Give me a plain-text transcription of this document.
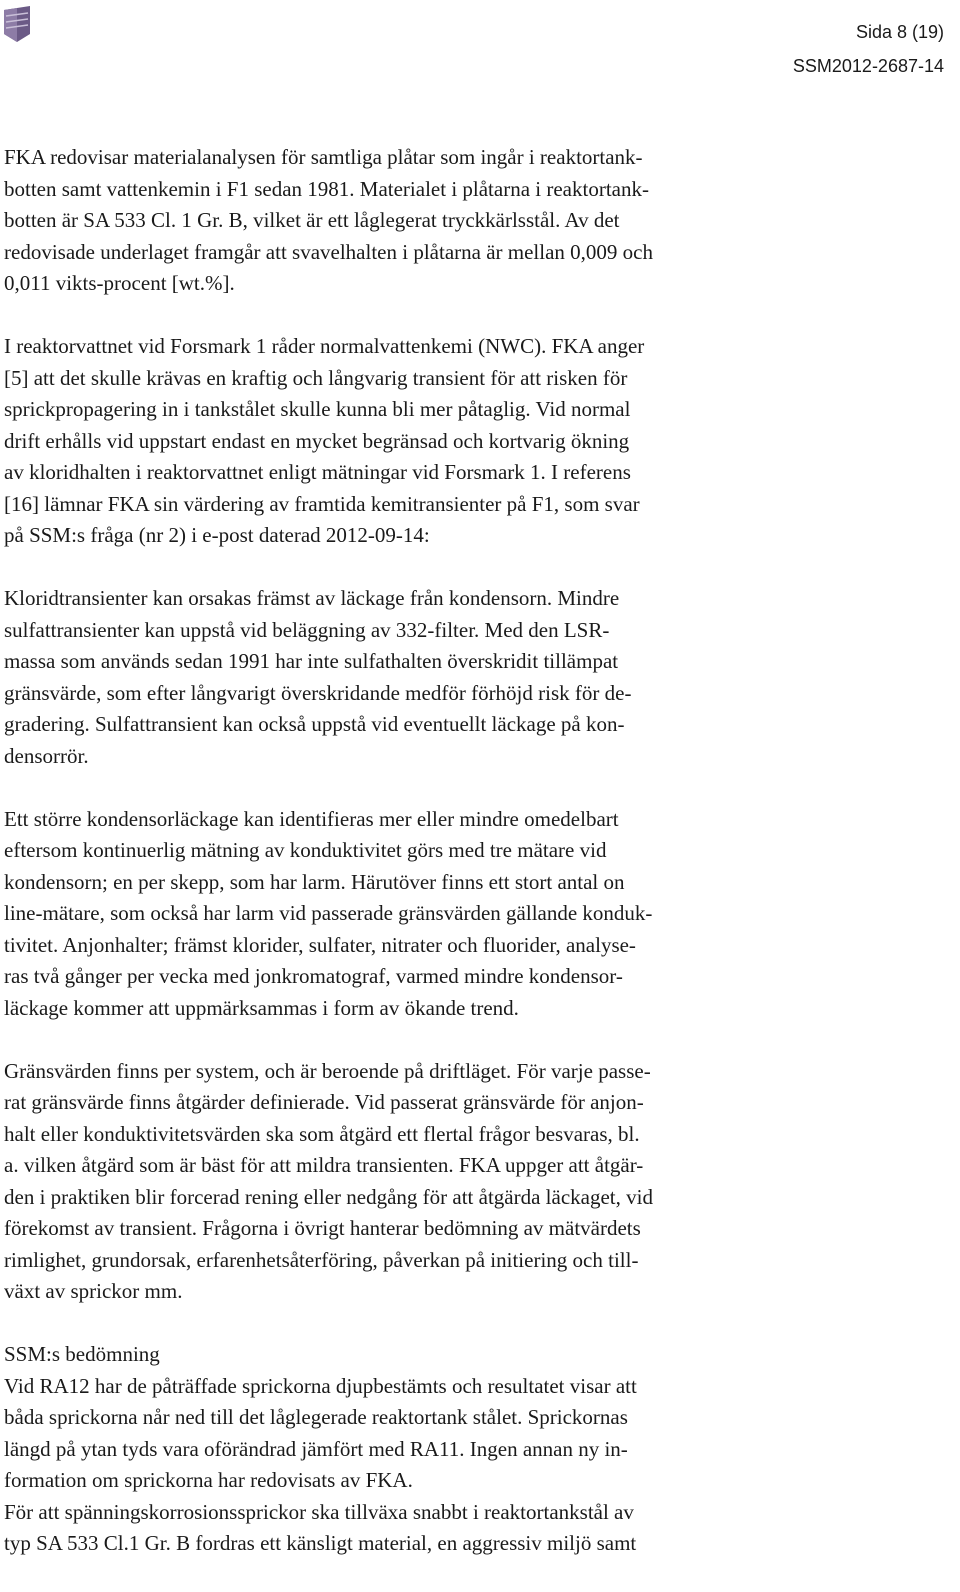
Sida 8 (19)
SSM2012-2687-14
FKA redovisar materialanalysen för samtliga plåtar som ingår i reaktortank-
botten samt vattenkemin i F1 sedan 1981. Materialet i plåtarna i reaktortank-
botten är SA 533 Cl. 1 Gr. B, vilket är ett låglegerat tryckkärlsstål. Av det
redovisade underlaget framgår att svavelhalten i plåtarna är mellan 0,009 och
0,011 vikts-procent [wt.%].
I reaktorvattnet vid Forsmark 1 råder normalvattenkemi (NWC). FKA anger
[5] att det skulle krävas en kraftig och långvarig transient för att risken för
sprickpropagering in i tankstålet skulle kunna bli mer påtaglig. Vid normal
drift erhålls vid uppstart endast en mycket begränsad och kortvarig ökning
av kloridhalten i reaktorvattnet enligt mätningar vid Forsmark 1. I referens
[16] lämnar FKA sin värdering av framtida kemitransienter på F1, som svar
på SSM:s fråga (nr 2) i e-post daterad 2012-09-14:
Kloridtransienter kan orsakas främst av läckage från kondensorn. Mindre
sulfattransienter kan uppstå vid beläggning av 332-filter. Med den LSR-
massa som används sedan 1991 har inte sulfathalten överskridit tillämpat
gränsvärde, som efter långvarigt överskridande medför förhöjd risk för de-
gradering. Sulfattransient kan också uppstå vid eventuellt läckage på kon-
densorrör.
Ett större kondensorläckage kan identifieras mer eller mindre omedelbart
eftersom kontinuerlig mätning av konduktivitet görs med tre mätare vid
kondensorn; en per skepp, som har larm. Härutöver finns ett stort antal on
line-mätare, som också har larm vid passerade gränsvärden gällande konduk-
tivitet. Anjonhalter; främst klorider, sulfater, nitrater och fluorider, analyse-
ras två gånger per vecka med jonkromatograf, varmed mindre kondensor-
läckage kommer att uppmärksammas i form av ökande trend.
Gränsvärden finns per system, och är beroende på driftläget. För varje passe-
rat gränsvärde finns åtgärder definierade. Vid passerat gränsvärde för anjon-
halt eller konduktivitetsvärden ska som åtgärd ett flertal frågor besvaras, bl.
a. vilken åtgärd som är bäst för att mildra transienten. FKA uppger att åtgär-
den i praktiken blir forcerad rening eller nedgång för att åtgärda läckaget, vid
förekomst av transient. Frågorna i övrigt hanterar bedömning av mätvärdets
rimlighet, grundorsak, erfarenhetsåterföring, påverkan på initiering och till-
växt av sprickor mm.
SSM:s bedömning
Vid RA12 har de påträffade sprickorna djupbestämts och resultatet visar att
båda sprickorna når ned till det låglegerade reaktortank stålet. Sprickornas
längd på ytan tyds vara oförändrad jämfört med RA11. Ingen annan ny in-
formation om sprickorna har redovisats av FKA.
För att spänningskorrosionssprickor ska tillväxa snabbt i reaktortankstål av
typ SA 533 Cl.1 Gr. B fordras ett känsligt material, en aggressiv miljö samt
